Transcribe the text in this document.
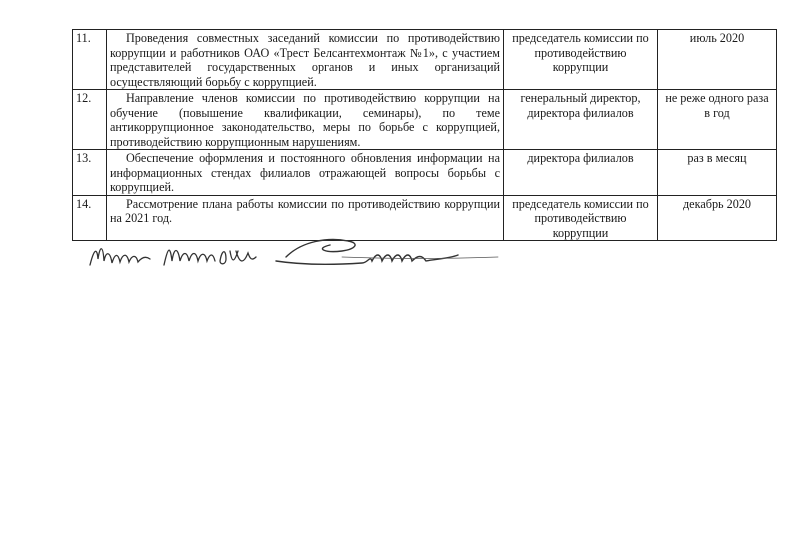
11.	Проведения совместных заседаний комиссии по противодействию коррупции и работников ОАО «Трест Белсантехмонтаж №1», с участием представителей государственных органов и иных организаций осуществляющий борьбу с коррупцией.	председатель комиссии по противодействию коррупции	июль 2020
12.	Направление членов комиссии по противодействию коррупции на обучение (повышение квалификации, семинары), по теме антикоррупционное законодательство, меры по борьбе с коррупцией, противодействию коррупционным нарушениям.	генеральный директор, директора филиалов	не реже одного раза в год
13.	Обеспечение оформления и постоянного обновления информации на информационных стендах филиалов отражающей вопросы борьбы с коррупцией.	директора филиалов	раз в месяц
14.	Рассмотрение плана работы комиссии по противодействию коррупции на 2021 год.	председатель комиссии по противодействию коррупции	декабрь 2020
